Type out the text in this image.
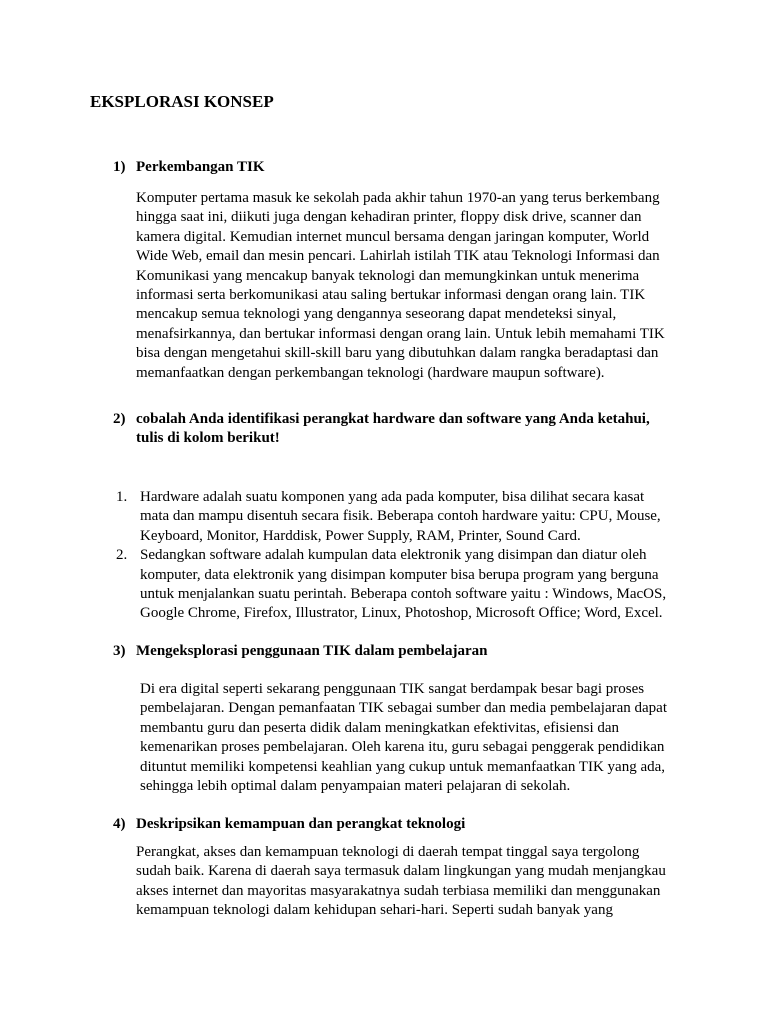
EKSPLORASI KONSEP
1) Perkembangan TIK

Komputer pertama masuk ke sekolah pada akhir tahun 1970-an yang terus berkembang hingga saat ini, diikuti juga dengan kehadiran printer, floppy disk drive, scanner dan kamera digital. Kemudian internet muncul bersama dengan jaringan komputer, World Wide Web, email dan mesin pencari. Lahirlah istilah TIK atau Teknologi Informasi dan Komunikasi yang mencakup banyak teknologi dan memungkinkan untuk menerima informasi serta berkomunikasi atau saling bertukar informasi dengan orang lain. TIK mencakup semua teknologi yang dengannya seseorang dapat mendeteksi sinyal, menafsirkannya, dan bertukar informasi dengan orang lain. Untuk lebih memahami TIK bisa dengan mengetahui skill-skill baru yang dibutuhkan dalam rangka beradaptasi dan memanfaatkan dengan perkembangan teknologi (hardware maupun software).

2) cobalah Anda identifikasi perangkat hardware dan software yang Anda ketahui, tulis di kolom berikut!
1. Hardware adalah suatu komponen yang ada pada komputer, bisa dilihat secara kasat mata dan mampu disentuh secara fisik. Beberapa contoh hardware yaitu: CPU, Mouse, Keyboard, Monitor, Harddisk, Power Supply, RAM, Printer, Sound Card.
2. Sedangkan software adalah kumpulan data elektronik yang disimpan dan diatur oleh komputer, data elektronik yang disimpan komputer bisa berupa program yang berguna untuk menjalankan suatu perintah. Beberapa contoh software yaitu : Windows, MacOS, Google Chrome, Firefox, Illustrator, Linux, Photoshop, Microsoft Office; Word, Excel.
3) Mengeksplorasi penggunaan TIK dalam pembelajaran

Di era digital seperti sekarang penggunaan TIK sangat berdampak besar bagi proses pembelajaran. Dengan pemanfaatan TIK sebagai sumber dan media pembelajaran dapat membantu guru dan peserta didik dalam meningkatkan efektivitas, efisiensi dan kemenarikan proses pembelajaran. Oleh karena itu, guru sebagai penggerak pendidikan dituntut memiliki kompetensi keahlian yang cukup untuk memanfaatkan TIK yang ada, sehingga lebih optimal dalam penyampaian materi pelajaran di sekolah.

4) Deskripsikan kemampuan dan perangkat teknologi

Perangkat, akses dan kemampuan teknologi di daerah tempat tinggal saya tergolong sudah baik. Karena di daerah saya termasuk dalam lingkungan yang mudah menjangkau akses internet dan mayoritas masyarakatnya sudah terbiasa memiliki dan menggunakan kemampuan teknologi dalam kehidupan sehari-hari. Seperti sudah banyak yang
